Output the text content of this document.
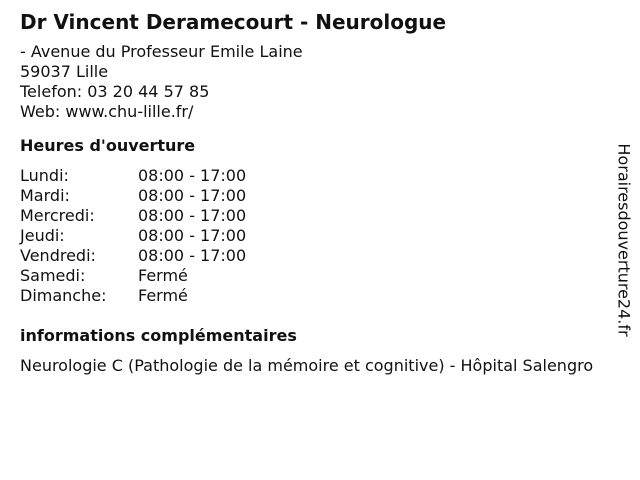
Dr Vincent Deramecourt - Neurologue
- Avenue du Professeur Emile Laine
59037 Lille
Telefon: 03 20 44 57 85
Web: www.chu-lille.fr/
Heures d'ouverture
Lundi:	08:00 - 17:00
Mardi:	08:00 - 17:00
Mercredi:	08:00 - 17:00
Jeudi:	08:00 - 17:00
Vendredi:	08:00 - 17:00
Samedi:	Fermé
Dimanche:	Fermé
informations complémentaires
Neurologie C (Pathologie de la mémoire et cognitive) - Hôpital Salengro
Horairesdouverture24.fr
